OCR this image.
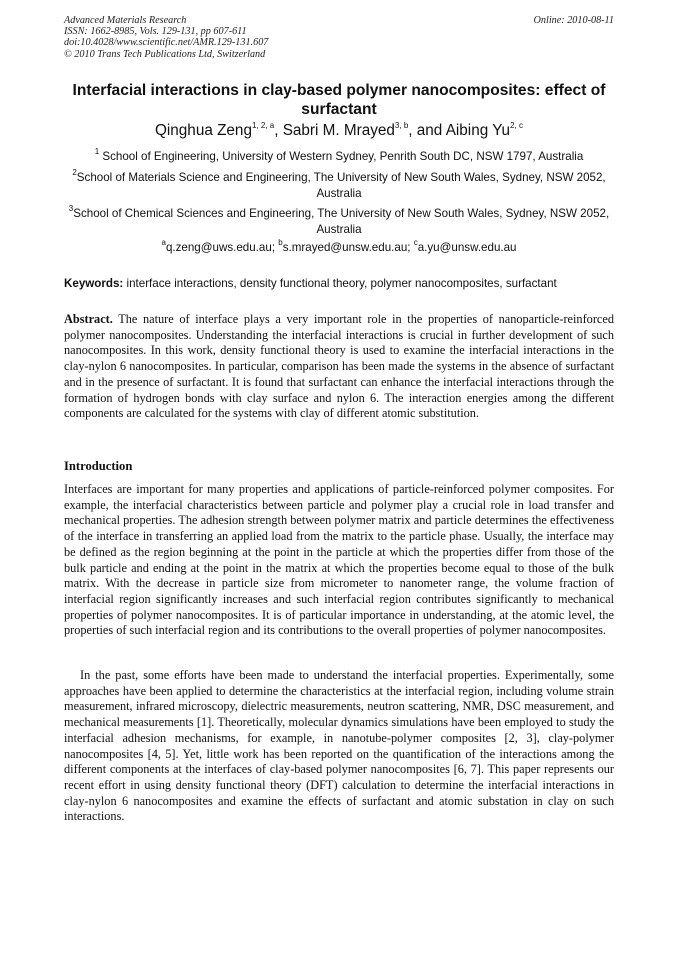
Advanced Materials Research
ISSN: 1662-8985, Vols. 129-131, pp 607-611
doi:10.4028/www.scientific.net/AMR.129-131.607
© 2010 Trans Tech Publications Ltd, Switzerland
Online: 2010-08-11
Interfacial interactions in clay-based polymer nanocomposites: effect of surfactant
Qinghua Zeng$^{1, 2, a}$, Sabri M. Mrayed$^{3, b}$, and Aibing Yu$^{2, c}$
$^1$ School of Engineering, University of Western Sydney, Penrith South DC, NSW 1797, Australia
$^2$School of Materials Science and Engineering, The University of New South Wales, Sydney, NSW 2052, Australia
$^3$School of Chemical Sciences and Engineering, The University of New South Wales, Sydney, NSW 2052, Australia
$^a$q.zeng@uws.edu.au; $^b$s.mrayed@unsw.edu.au; $^c$a.yu@unsw.edu.au
Keywords: interface interactions, density functional theory, polymer nanocomposites, surfactant
Abstract. The nature of interface plays a very important role in the properties of nanoparticle-reinforced polymer nanocomposites. Understanding the interfacial interactions is crucial in further development of such nanocomposites. In this work, density functional theory is used to examine the interfacial interactions in the clay-nylon 6 nanocomposites. In particular, comparison has been made the systems in the absence of surfactant and in the presence of surfactant. It is found that surfactant can enhance the interfacial interactions through the formation of hydrogen bonds with clay surface and nylon 6. The interaction energies among the different components are calculated for the systems with clay of different atomic substitution.
Introduction
Interfaces are important for many properties and applications of particle-reinforced polymer composites. For example, the interfacial characteristics between particle and polymer play a crucial role in load transfer and mechanical properties. The adhesion strength between polymer matrix and particle determines the effectiveness of the interface in transferring an applied load from the matrix to the particle phase. Usually, the interface may be defined as the region beginning at the point in the particle at which the properties differ from those of the bulk particle and ending at the point in the matrix at which the properties become equal to those of the bulk matrix. With the decrease in particle size from micrometer to nanometer range, the volume fraction of interfacial region significantly increases and such interfacial region contributes significantly to mechanical properties of polymer nanocomposites. It is of particular importance in understanding, at the atomic level, the properties of such interfacial region and its contributions to the overall properties of polymer nanocomposites.
In the past, some efforts have been made to understand the interfacial properties. Experimentally, some approaches have been applied to determine the characteristics at the interfacial region, including volume strain measurement, infrared microscopy, dielectric measurements, neutron scattering, NMR, DSC measurement, and mechanical measurements [1]. Theoretically, molecular dynamics simulations have been employed to study the interfacial adhesion mechanisms, for example, in nanotube-polymer composites [2, 3], clay-polymer nanocomposites [4, 5]. Yet, little work has been reported on the quantification of the interactions among the different components at the interfaces of clay-based polymer nanocomposites [6, 7]. This paper represents our recent effort in using density functional theory (DFT) calculation to determine the interfacial interactions in clay-nylon 6 nanocomposites and examine the effects of surfactant and atomic substation in clay on such interactions.
